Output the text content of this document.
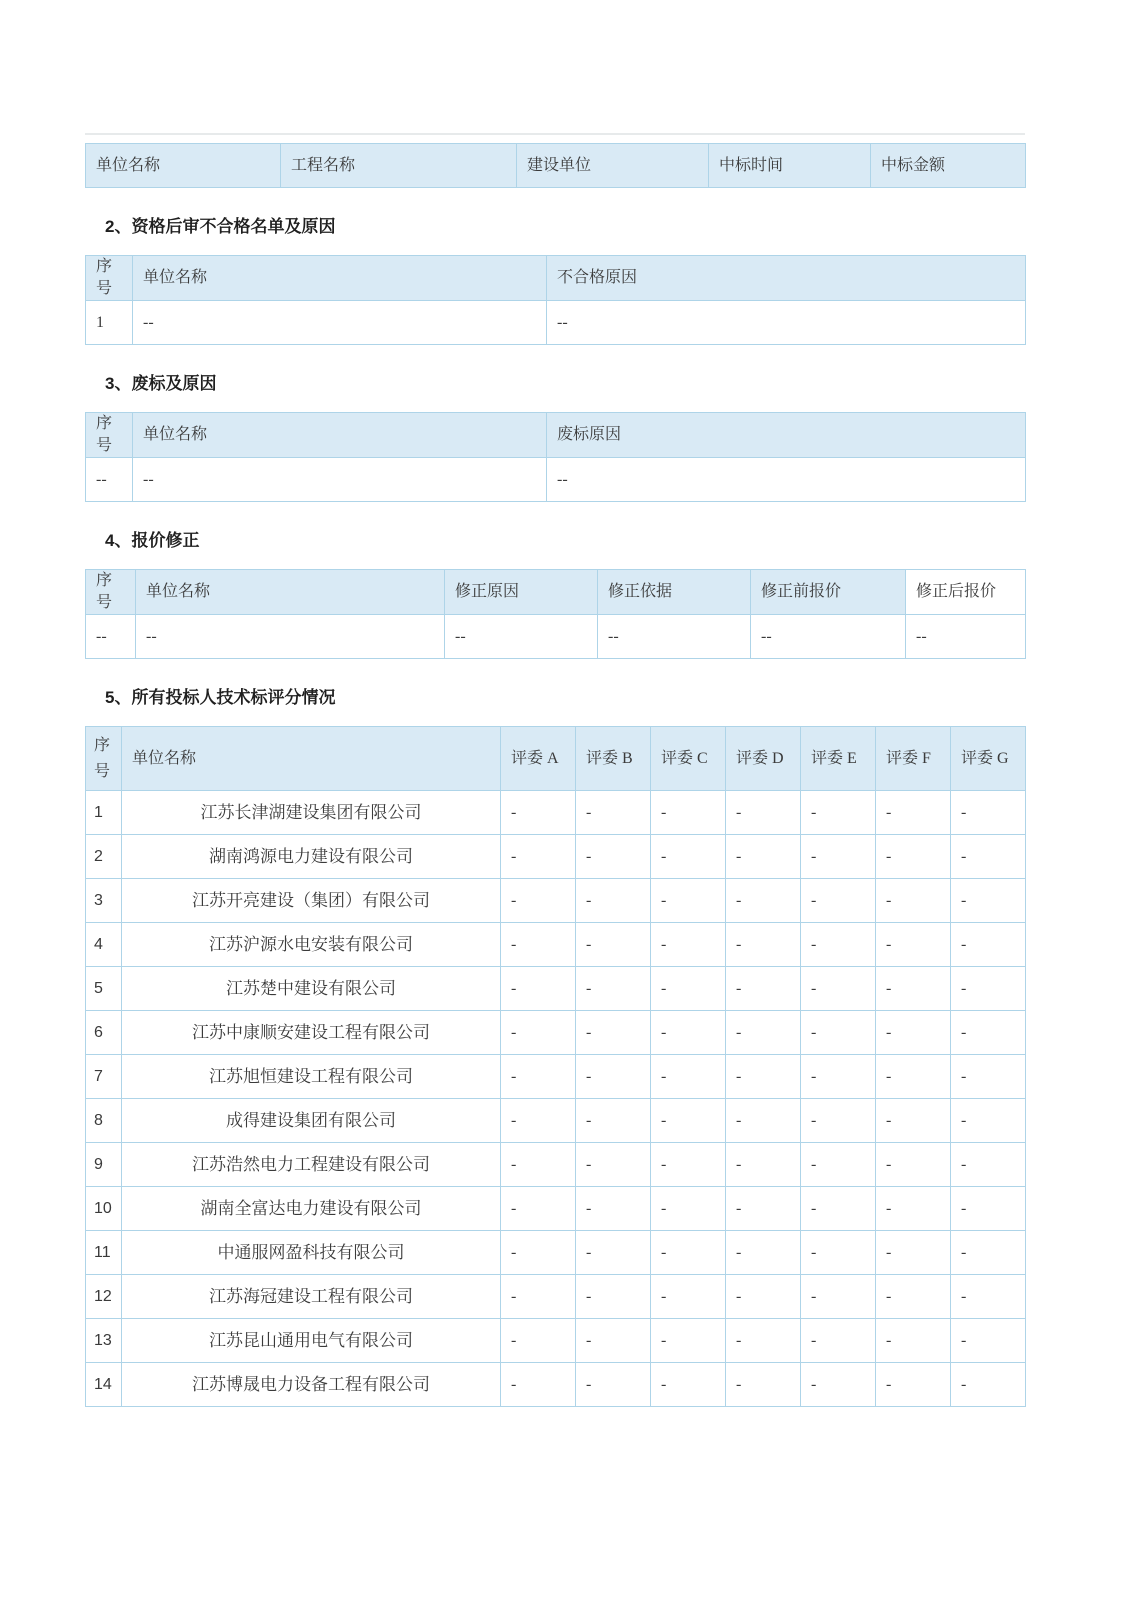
单位名称	工程名称	建设单位	中标时间	中标金额
2、资格后审不合格名单及原因
序号	单位名称	不合格原因
1	--	--
3、废标及原因
序号	单位名称	废标原因
--	--	--
4、报价修正
序号	单位名称	修正原因	修正依据	修正前报价	修正后报价
--	--	--	--	--	--
5、所有投标人技术标评分情况
序号	单位名称	评委 A	评委 B	评委 C	评委 D	评委 E	评委 F	评委 G
1	江苏长津湖建设集团有限公司	-	-	-	-	-	-	-
2	湖南鸿源电力建设有限公司	-	-	-	-	-	-	-
3	江苏开亮建设（集团）有限公司	-	-	-	-	-	-	-
4	江苏沪源水电安装有限公司	-	-	-	-	-	-	-
5	江苏楚中建设有限公司	-	-	-	-	-	-	-
6	江苏中康顺安建设工程有限公司	-	-	-	-	-	-	-
7	江苏旭恒建设工程有限公司	-	-	-	-	-	-	-
8	成得建设集团有限公司	-	-	-	-	-	-	-
9	江苏浩然电力工程建设有限公司	-	-	-	-	-	-	-
10	湖南全富达电力建设有限公司	-	-	-	-	-	-	-
11	中通服网盈科技有限公司	-	-	-	-	-	-	-
12	江苏海冠建设工程有限公司	-	-	-	-	-	-	-
13	江苏昆山通用电气有限公司	-	-	-	-	-	-	-
14	江苏博晟电力设备工程有限公司	-	-	-	-	-	-	-
